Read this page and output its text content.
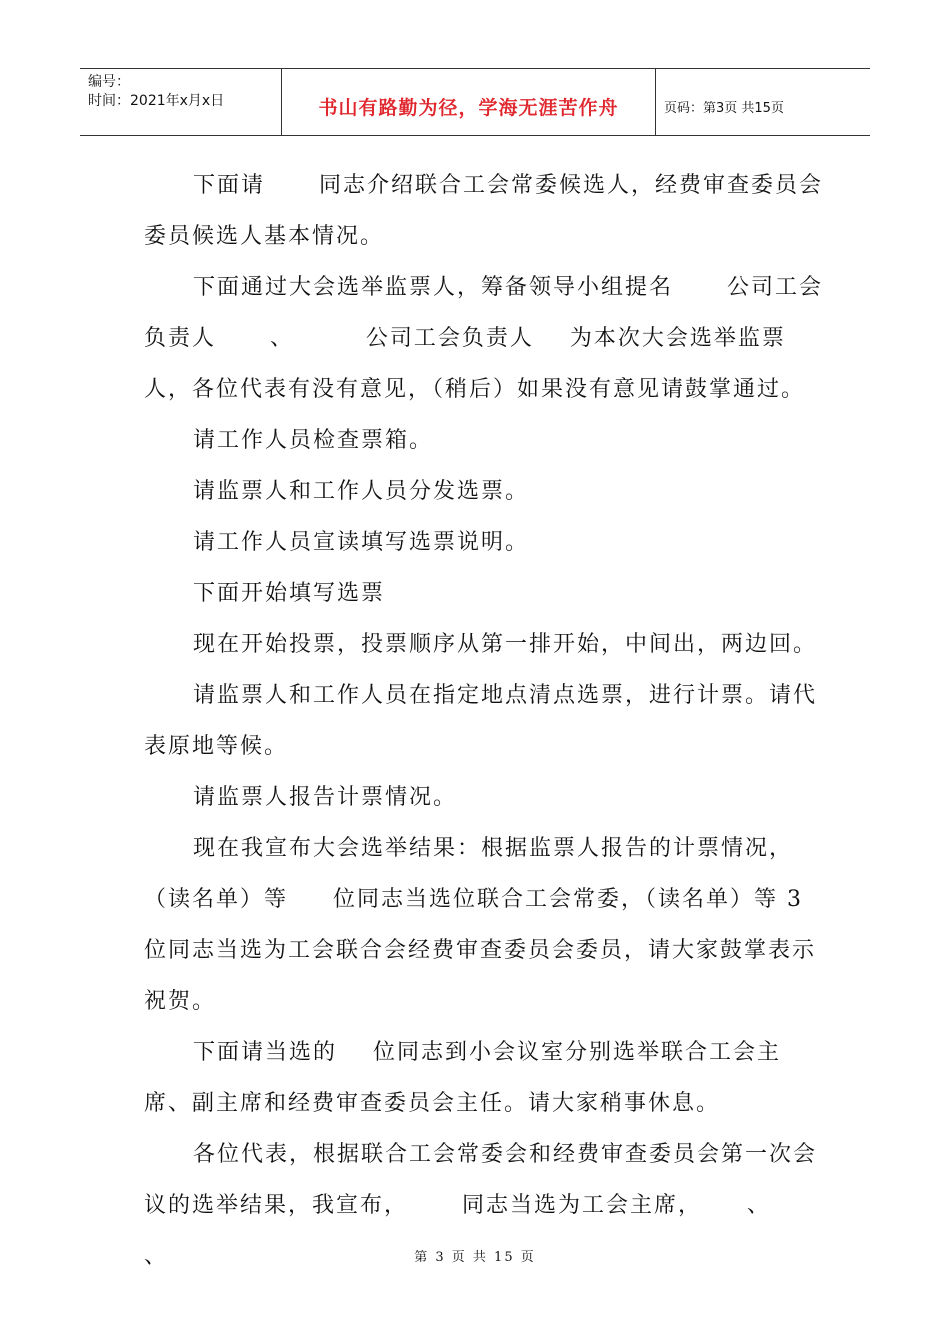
编号：
时间：2021年x月x日	书山有路勤为径，学海无涯苦作舟	页码：第3页 共15页

下面请      同志介绍联合工会常委候选人，经费审查委员会委员候选人基本情况。

下面通过大会选举监票人，筹备领导小组提名      公司工会负责人      、        公司工会负责人    为本次大会选举监票人，各位代表有没有意见，（稍后）如果没有意见请鼓掌通过。

请工作人员检查票箱。

请监票人和工作人员分发选票。

请工作人员宣读填写选票说明。

下面开始填写选票

现在开始投票，投票顺序从第一排开始，中间出，两边回。

请监票人和工作人员在指定地点清点选票，进行计票。请代表原地等候。

请监票人报告计票情况。

现在我宣布大会选举结果：根据监票人报告的计票情况，（读名单）等     位同志当选位联合工会常委，（读名单）等 3 位同志当选为工会联合会经费审查委员会委员，请大家鼓掌表示祝贺。

下面请当选的    位同志到小会议室分别选举联合工会主席、副主席和经费审查委员会主任。请大家稍事休息。

各位代表，根据联合工会常委会和经费审查委员会第一次会议的选举结果，我宣布，      同志当选为工会主席，     、      、	第 3 页 共 15 页
